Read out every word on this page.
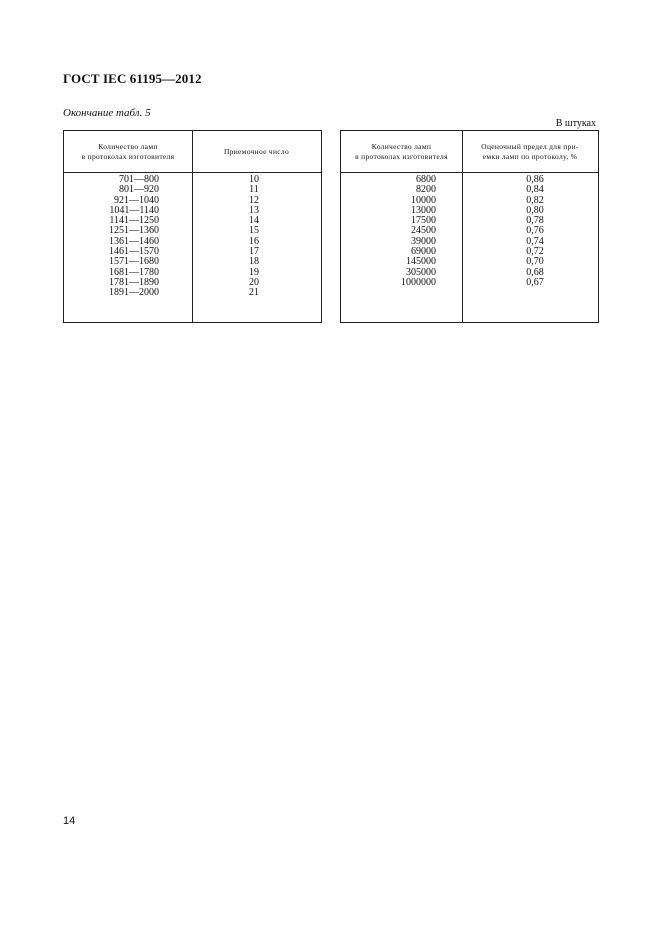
ГОСТ IEC 61195—2012
Окончание табл. 5
В штуках
Количество ламп
в протоколах изготовителя
Приемочное число
701—800
801—920
921—1040
1041—1140
1141—1250
1251—1360
1361—1460
1461—1570
1571—1680
1681—1780
1781—1890
1891—2000
10
11
12
13
14
15
16
17
18
19
20
21
Количество ламп
в протоколах изготовителя
Оценочный предел для при-
емки ламп по протоколу, %
6800
8200
10000
13000
17500
24500
39000
69000
145000
305000
1000000
0,86
0,84
0,82
0,80
0,78
0,76
0,74
0,72
0,70
0,68
0,67
14
